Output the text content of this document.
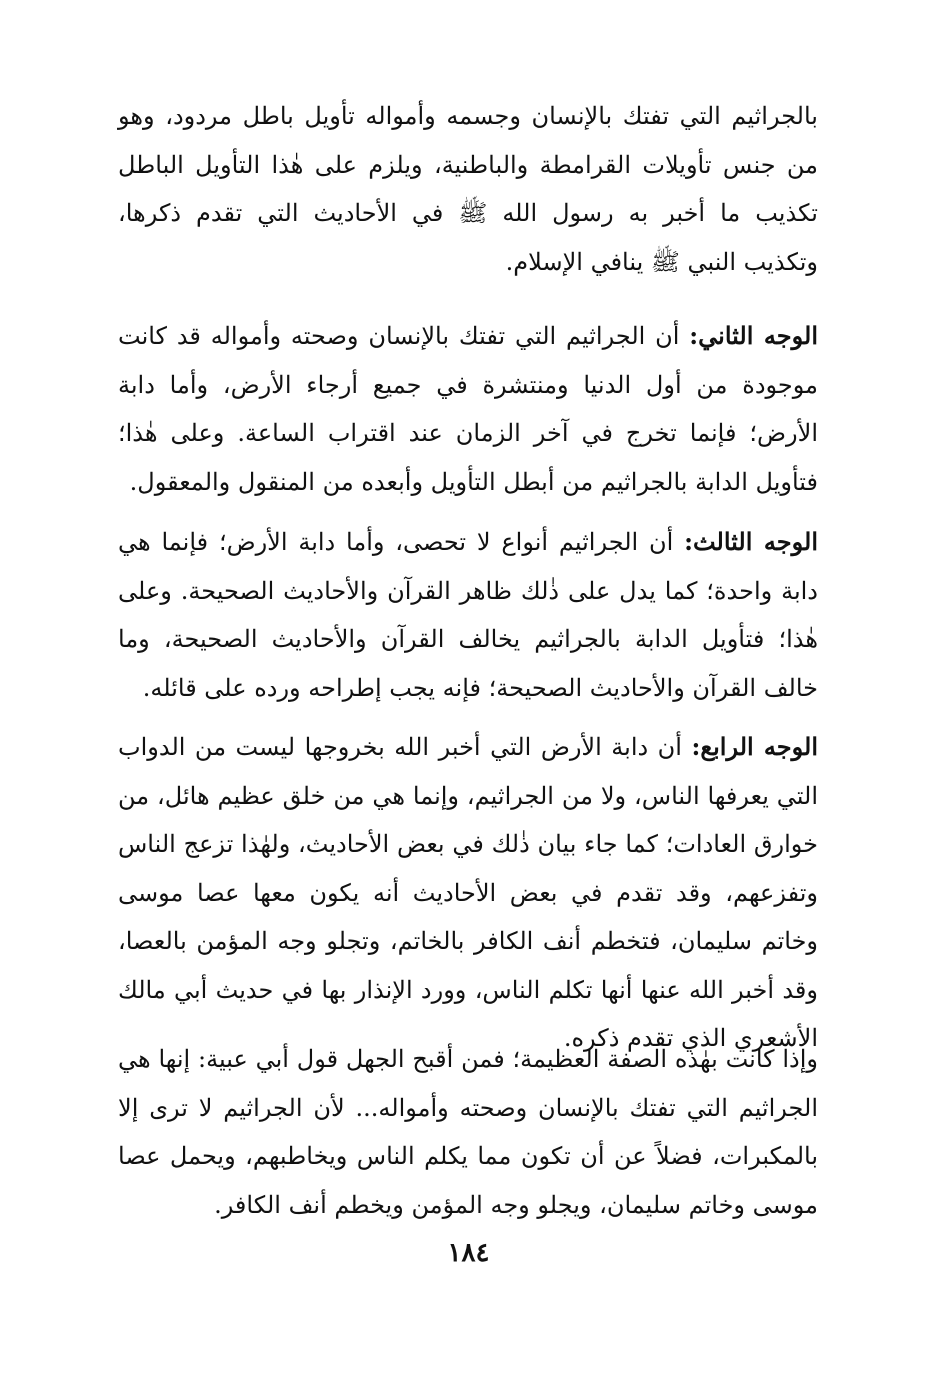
بالجراثيم التي تفتك بالإنسان وجسمه وأمواله تأويل باطل مردود، وهو من جنس تأويلات القرامطة والباطنية، ويلزم على هٰذا التأويل الباطل تكذيب ما أخبر به رسول الله ﷺ في الأحاديث التي تقدم ذكرها، وتكذيب النبي ﷺ ينافي الإسلام.

الوجه الثاني: أن الجراثيم التي تفتك بالإنسان وصحته وأمواله قد كانت موجودة من أول الدنيا ومنتشرة في جميع أرجاء الأرض، وأما دابة الأرض؛ فإنما تخرج في آخر الزمان عند اقتراب الساعة. وعلى هٰذا؛ فتأويل الدابة بالجراثيم من أبطل التأويل وأبعده من المنقول والمعقول.

الوجه الثالث: أن الجراثيم أنواع لا تحصى، وأما دابة الأرض؛ فإنما هي دابة واحدة؛ كما يدل على ذٰلك ظاهر القرآن والأحاديث الصحيحة. وعلى هٰذا؛ فتأويل الدابة بالجراثيم يخالف القرآن والأحاديث الصحيحة، وما خالف القرآن والأحاديث الصحيحة؛ فإنه يجب إطراحه ورده على قائله.

الوجه الرابع: أن دابة الأرض التي أخبر الله بخروجها ليست من الدواب التي يعرفها الناس، ولا من الجراثيم، وإنما هي من خلق عظيم هائل، من خوارق العادات؛ كما جاء بيان ذٰلك في بعض الأحاديث، ولهٰذا تزعج الناس وتفزعهم، وقد تقدم في بعض الأحاديث أنه يكون معها عصا موسى وخاتم سليمان، فتخطم أنف الكافر بالخاتم، وتجلو وجه المؤمن بالعصا، وقد أخبر الله عنها أنها تكلم الناس، وورد الإنذار بها في حديث أبي مالك الأشعري الذي تقدم ذكره.

وإذا كانت بهٰذه الصفة العظيمة؛ فمن أقبح الجهل قول أبي عبية: إنها هي الجراثيم التي تفتك بالإنسان وصحته وأمواله... لأن الجراثيم لا ترى إلا بالمكبرات، فضلاً عن أن تكون مما يكلم الناس ويخاطبهم، ويحمل عصا موسى وخاتم سليمان، ويجلو وجه المؤمن ويخطم أنف الكافر.

١٨٤
